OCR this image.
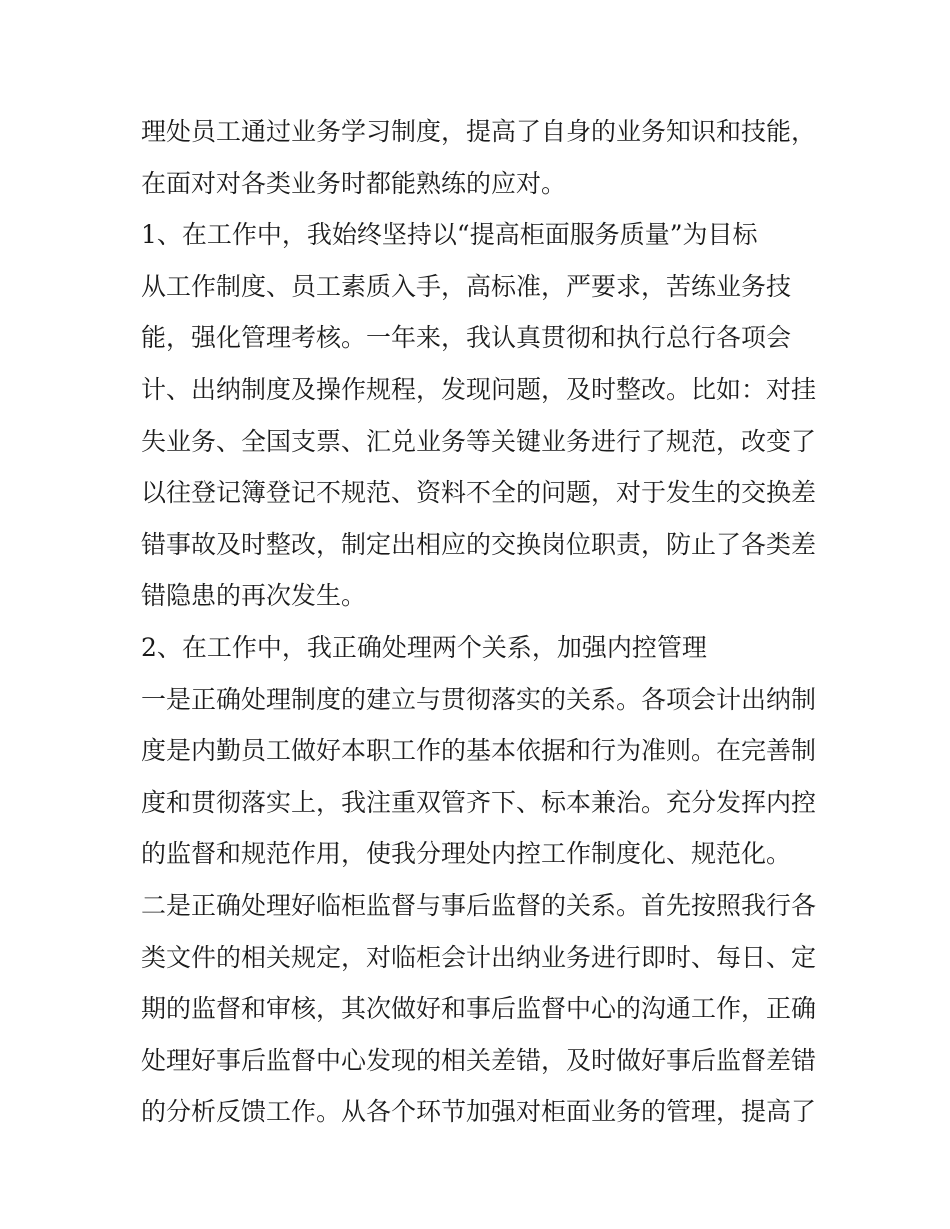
理处员工通过业务学习制度，提高了自身的业务知识和技能，
在面对对各类业务时都能熟练的应对。
1、在工作中，我始终坚持以“提高柜面服务质量”为目标
从工作制度、员工素质入手，高标准，严要求，苦练业务技
能，强化管理考核。一年来，我认真贯彻和执行总行各项会
计、出纳制度及操作规程，发现问题，及时整改。比如：对挂
失业务、全国支票、汇兑业务等关键业务进行了规范，改变了
以往登记簿登记不规范、资料不全的问题，对于发生的交换差
错事故及时整改，制定出相应的交换岗位职责，防止了各类差
错隐患的再次发生。
2、在工作中，我正确处理两个关系，加强内控管理
一是正确处理制度的建立与贯彻落实的关系。各项会计出纳制
度是内勤员工做好本职工作的基本依据和行为准则。在完善制
度和贯彻落实上，我注重双管齐下、标本兼治。充分发挥内控
的监督和规范作用，使我分理处内控工作制度化、规范化。
二是正确处理好临柜监督与事后监督的关系。首先按照我行各
类文件的相关规定，对临柜会计出纳业务进行即时、每日、定
期的监督和审核，其次做好和事后监督中心的沟通工作，正确
处理好事后监督中心发现的相关差错，及时做好事后监督差错
的分析反馈工作。从各个环节加强对柜面业务的管理，提高了
